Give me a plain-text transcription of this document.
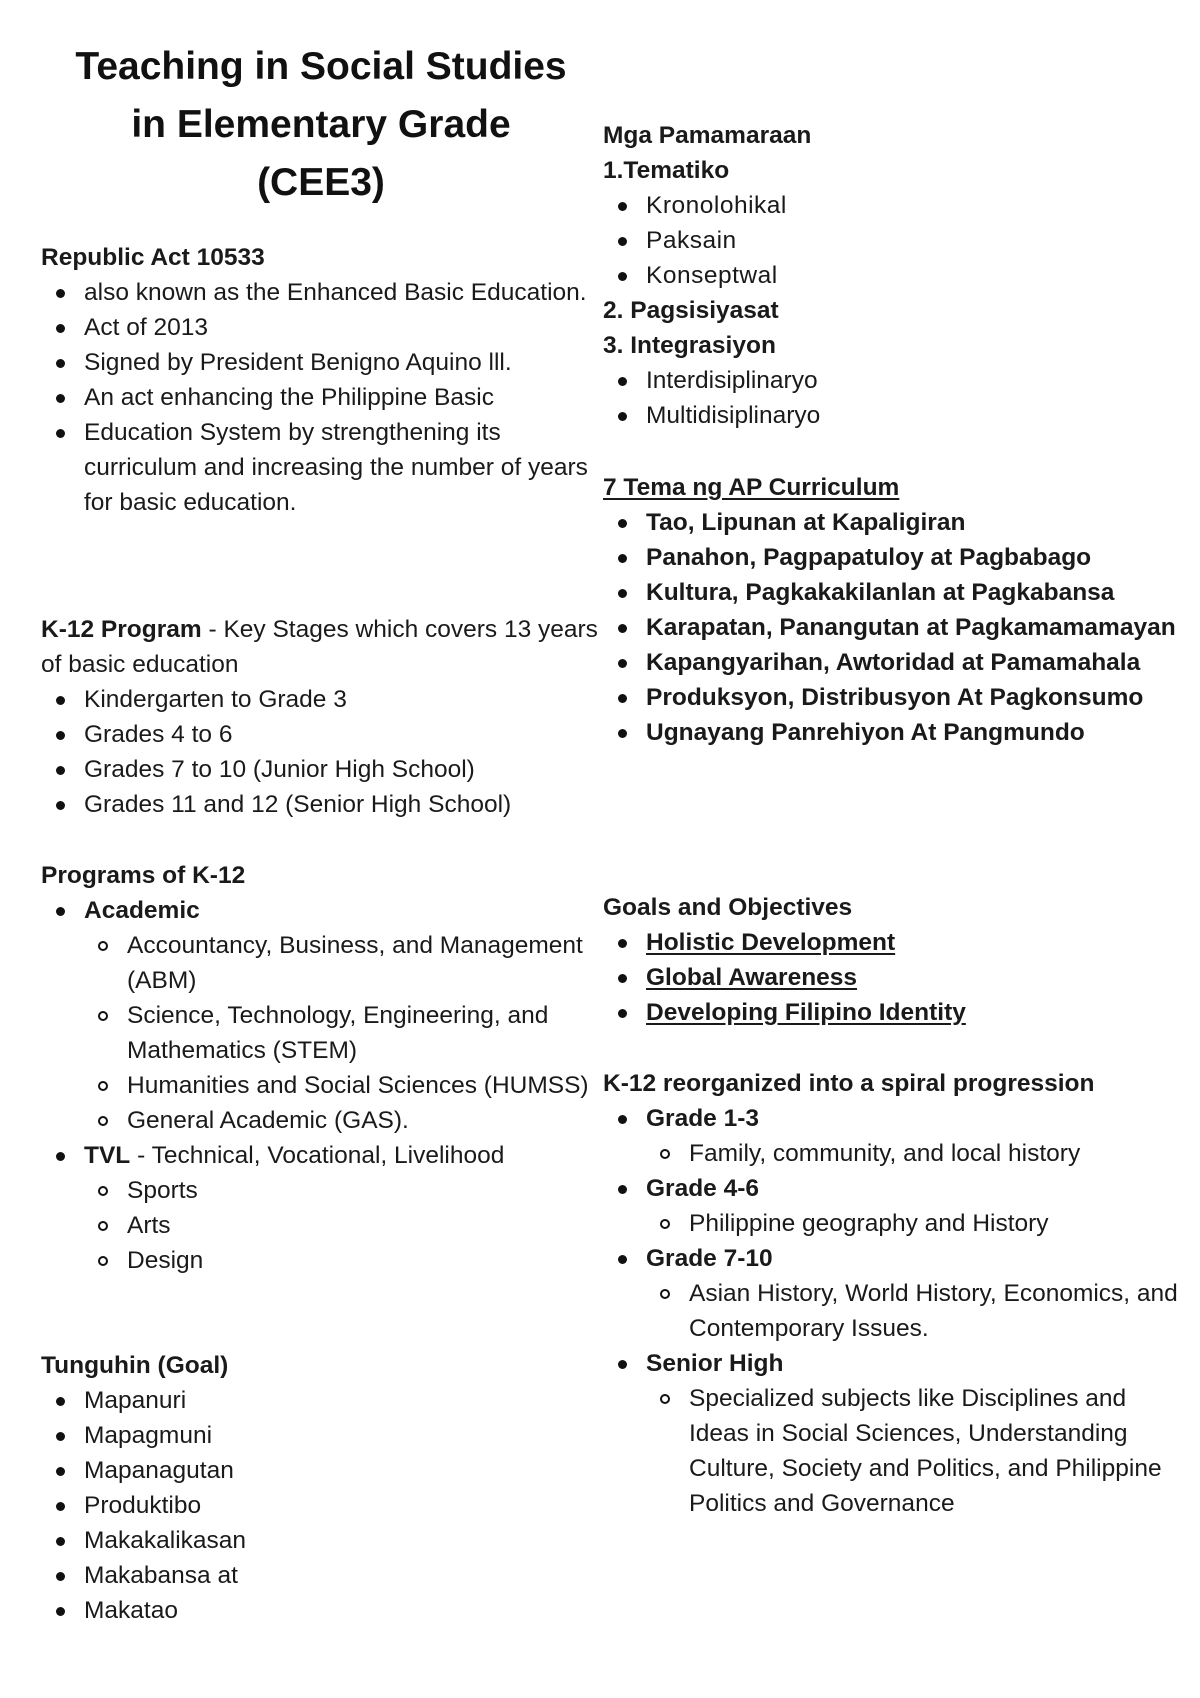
Teaching in Social Studies
in Elementary Grade
(CEE3)

Republic Act 10533

also known as the Enhanced Basic Education.
Act of 2013
Signed by President Benigno Aquino lll.
An act enhancing the Philippine Basic
Education System by strengthening its curriculum and increasing the number of years for basic education.

K-12 Program - Key Stages which covers 13 years of basic education

Kindergarten to Grade 3
Grades 4 to 6
Grades 7 to 10 (Junior High School)
Grades 11 and 12 (Senior High School)

Programs of K-12

Academic
Accountancy, Business, and Management (ABM)
Science, Technology, Engineering, and Mathematics (STEM)
Humanities and Social Sciences (HUMSS)
General Academic (GAS).
TVL - Technical, Vocational, Livelihood
Sports
Arts
Design

Tunguhin (Goal)

Mapanuri
Mapagmuni
Mapanagutan
Produktibo
Makakalikasan
Makabansa at
Makatao

Mga Pamamaraan

1.Tematiko

Kronolohikal
Paksain
Konseptwal

2. Pagsisiyasat

3. Integrasiyon

Interdisiplinaryo
Multidisiplinaryo

7 Tema ng AP Curriculum

Tao, Lipunan at Kapaligiran
Panahon, Pagpapatuloy at Pagbabago
Kultura, Pagkakakilanlan at Pagkabansa
Karapatan, Panangutan at Pagkamamamayan
Kapangyarihan, Awtoridad at Pamamahala
Produksyon, Distribusyon At Pagkonsumo
Ugnayang Panrehiyon At Pangmundo

Goals and Objectives

Holistic Development
Global Awareness
Developing Filipino Identity

K-12 reorganized into a spiral progression

Grade 1-3
Family, community, and local history
Grade 4-6
Philippine geography and History
Grade 7-10
Asian History, World History, Economics, and Contemporary Issues.
Senior High
Specialized subjects like Disciplines and Ideas in Social Sciences, Understanding Culture, Society and Politics, and Philippine Politics and Governance
